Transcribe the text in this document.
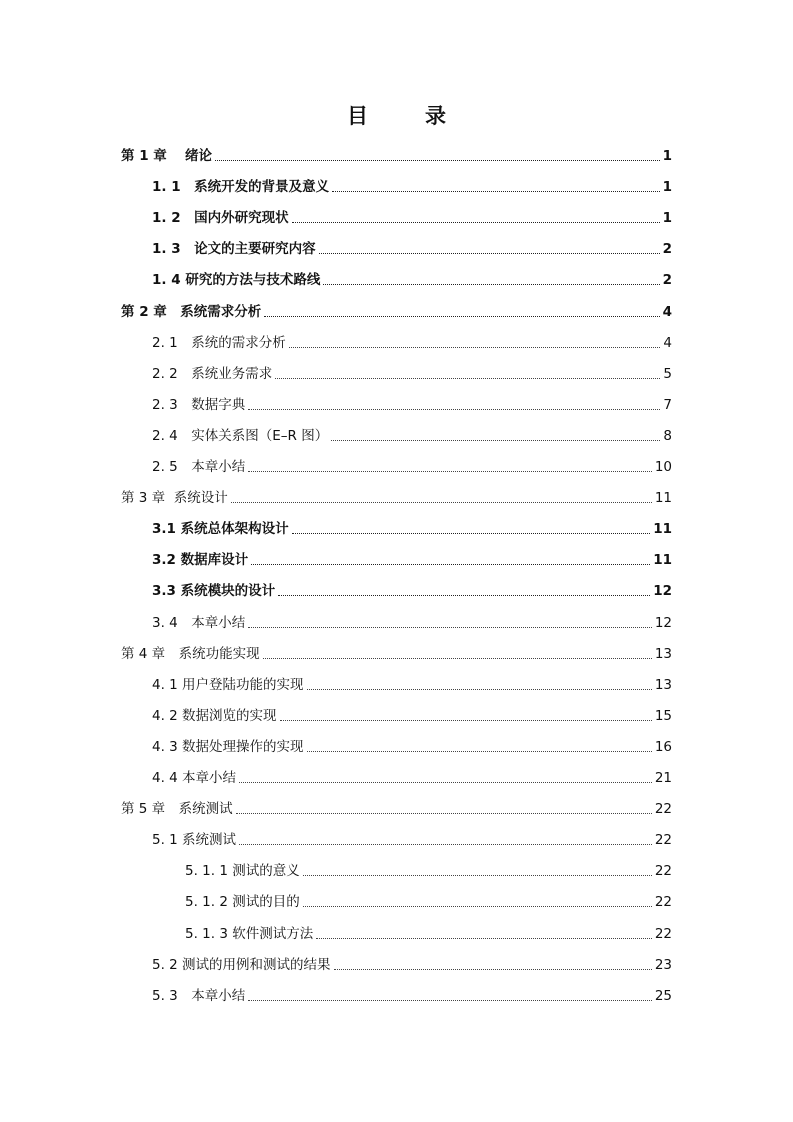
目　录
第 1 章　 绪论	1
1. 1　系统开发的背景及意义	1
1. 2　国内外研究现状	1
1. 3　论文的主要研究内容	2
1. 4 研究的方法与技术路线	2
第 2 章　系统需求分析	4
2. 1　系统的需求分析	4
2. 2　系统业务需求	5
2. 3　数据字典	7
2. 4　实体关系图（E–R 图）	8
2. 5　本章小结	10
第 3 章  系统设计	11
3.1 系统总体架构设计	11
3.2 数据库设计	11
3.3 系统模块的设计	12
3. 4　本章小结	12
第 4 章　系统功能实现	13
4. 1 用户登陆功能的实现	13
4. 2 数据浏览的实现	15
4. 3 数据处理操作的实现	16
4. 4 本章小结	21
第 5 章　系统测试	22
5. 1 系统测试	22
5. 1. 1 测试的意义	22
5. 1. 2 测试的目的	22
5. 1. 3 软件测试方法	22
5. 2 测试的用例和测试的结果	23
5. 3　本章小结	25
